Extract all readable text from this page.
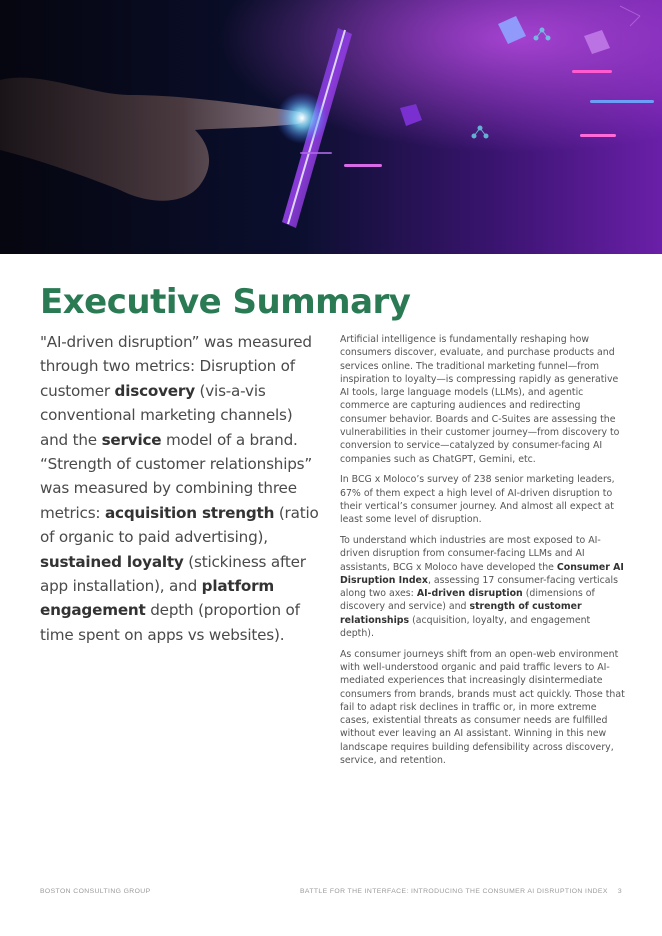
Executive Summary

"AI-driven disruption” was measured through two metrics: Disruption of customer discovery (vis-a-vis conventional marketing channels) and the service model of a brand. “Strength of customer relationships” was measured by combining three metrics: acquisition strength (ratio of organic to paid advertising), sustained loyalty (stickiness after app installation), and platform engagement depth (proportion of time spent on apps vs websites).

Artificial intelligence is fundamentally reshaping how consumers discover, evaluate, and purchase products and services online. The traditional marketing funnel—from inspiration to loyalty—is compressing rapidly as generative AI tools, large language models (LLMs), and agentic commerce are capturing audiences and redirecting consumer behavior. Boards and C-Suites are assessing the vulnerabilities in their customer journey—from discovery to conversion to service—catalyzed by consumer-facing AI companies such as ChatGPT, Gemini, etc.

In BCG x Moloco’s survey of 238 senior marketing leaders, 67% of them expect a high level of AI-driven disruption to their vertical’s consumer journey. And almost all expect at least some level of disruption.

To understand which industries are most exposed to AI-driven disruption from consumer-facing LLMs and AI assistants, BCG x Moloco have developed the Consumer AI Disruption Index, assessing 17 consumer-facing verticals along two axes: AI-driven disruption (dimensions of discovery and service) and strength of customer relationships (acquisition, loyalty, and engagement depth).

As consumer journeys shift from an open-web environment with well-understood organic and paid traffic levers to AI-mediated experiences that increasingly disintermediate consumers from brands, brands must act quickly. Those that fail to adapt risk declines in traffic or, in more extreme cases, existential threats as consumer needs are fulfilled without ever leaving an AI assistant. Winning in this new landscape requires building defensibility across discovery, service, and retention.

BOSTON CONSULTING GROUP	BATTLE FOR THE INTERFACE: INTRODUCING THE CONSUMER AI DISRUPTION INDEX 3
